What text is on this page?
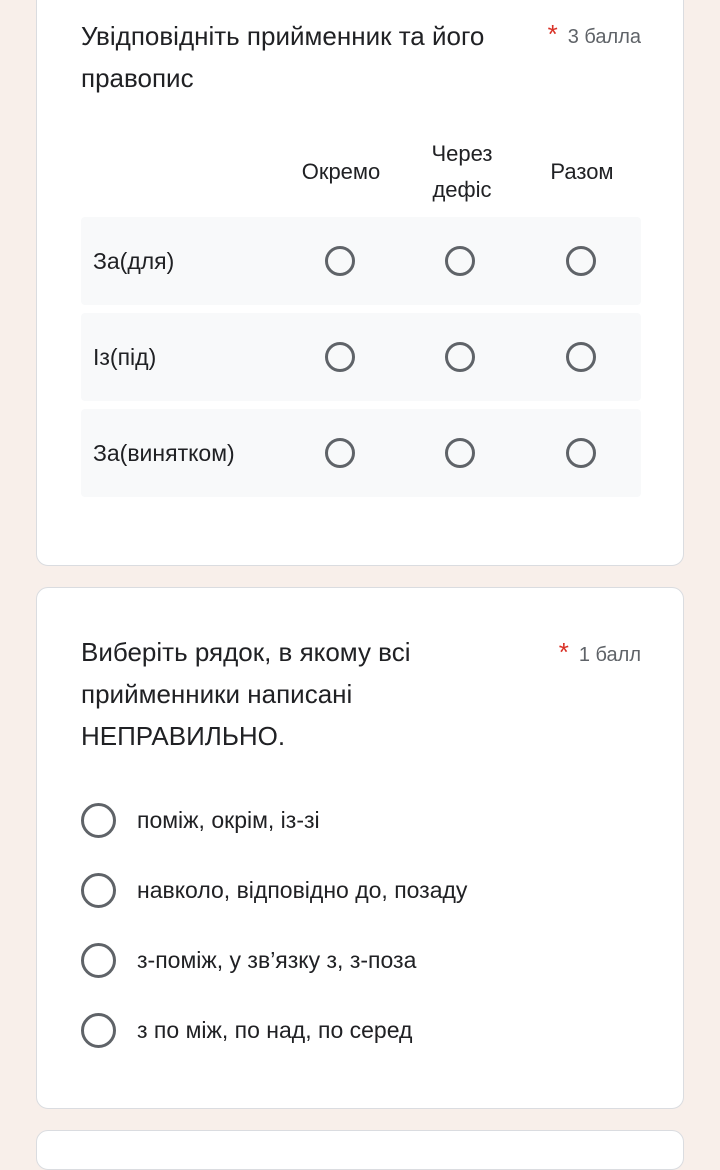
Увідповідніть прийменник та його правопис
* 3 балла
Окремо
Через дефіс
Разом
За(для)
Із(під)
За(винятком)
Виберіть рядок, в якому всі прийменники написані НЕПРАВИЛЬНО.
* 1 балл
поміж, окрім, із-зі
навколо, відповідно до, позаду
з-поміж, у зв’язку з, з-поза
з по між, по над, по серед
